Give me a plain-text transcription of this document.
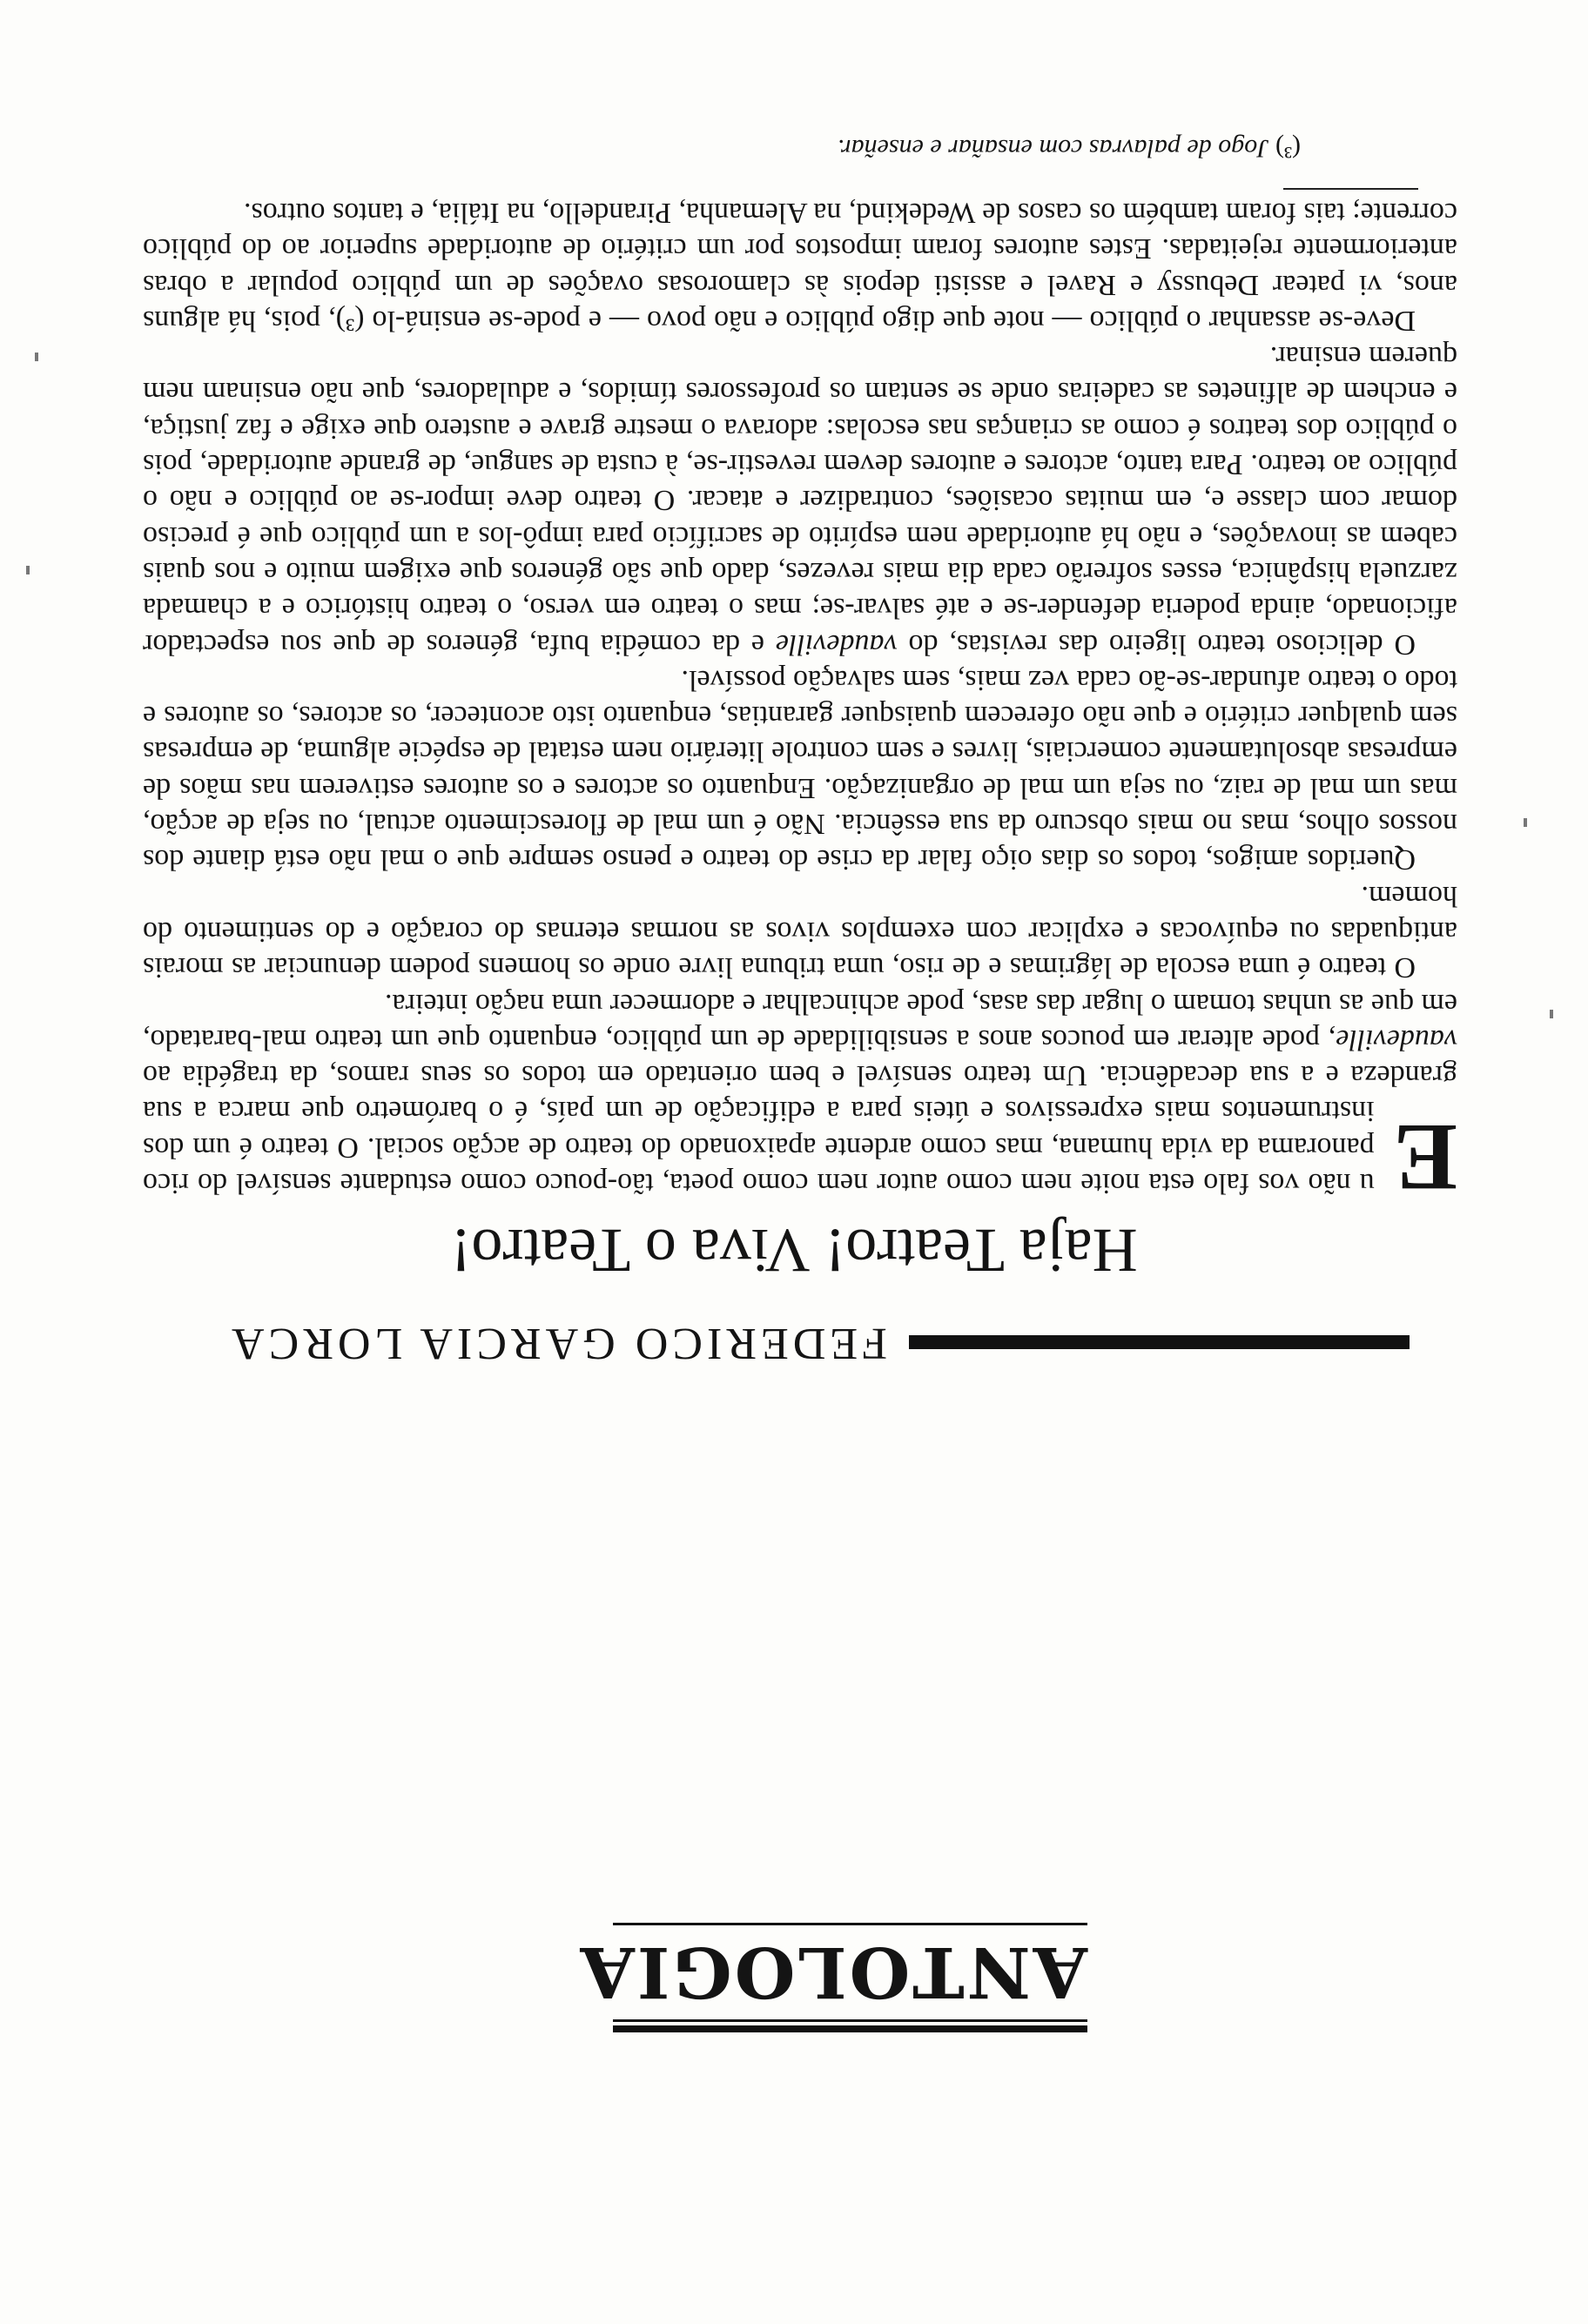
ANTOLOGIA
FEDERICO GARCIA LORCA
Haja Teatro! Viva o Teatro!

E
u não vos falo esta noite nem como autor nem como poeta, tão-pouco como estudante sensível do rico panorama da vida humana, mas como ardente apaixonado do teatro de acção social. O teatro é um dos instrumentos mais expressivos e úteis para a edificação de um país, é o barómetro que marca a sua grandeza e a sua decadência. Um teatro sensível e bem orientado em todos os seus ramos, da tragédia ao vaudeville, pode alterar em poucos anos a sensibilidade de um público, enquanto que um teatro mal-baratado, em que as unhas tomam o lugar das asas, pode achincalhar e adormecer uma nação inteira.

O teatro é uma escola de lágrimas e de riso, uma tribuna livre onde os homens podem denunciar as morais antiquadas ou equívocas e explicar com exemplos vivos as normas eternas do coração e do sentimento do homem.

Queridos amigos, todos os dias oiço falar da crise do teatro e penso sempre que o mal não está diante dos nossos olhos, mas no mais obscuro da sua essência. Não é um mal de florescimento actual, ou seja de acção, mas um mal de raiz, ou seja um mal de organização. Enquanto os actores e os autores estiverem nas mãos de empresas absolutamente comerciais, livres e sem controle literário nem estatal de espécie alguma, de empresas sem qualquer critério e que não oferecem quaisquer garantias, enquanto isto acontecer, os actores, os autores e todo o teatro afundar-se-ão cada vez mais, sem salvação possível.

O delicioso teatro ligeiro das revistas, do vaudeville e da comédia bufa, géneros de que sou espectador aficionado, ainda poderia defender-se e até salvar-se; mas o teatro em verso, o teatro histórico e a chamada zarzuela hispânica, esses sofrerão cada dia mais revezes, dado que são géneros que exigem muito e nos quais cabem as inovações, e não há autoridade nem espírito de sacrifício para impô-los a um público que é preciso domar com classe e, em muitas ocasiões, contradizer e atacar. O teatro deve impor-se ao público e não o público ao teatro. Para tanto, actores e autores devem revestir-se, à custa de sangue, de grande autoridade, pois o público dos teatros é como as crianças nas escolas: adorava o mestre grave e austero que exige e faz justiça, e enchem de alfinetes as cadeiras onde se sentam os professores tímidos, e aduladores, que não ensinam nem querem ensinar.

Deve-se assanhar o público — note que digo público e não povo — e pode-se ensiná-lo (³), pois, há alguns anos, vi patear Debussy e Ravel e assisti depois às clamorosas ovações de um público popular a obras anteriormente rejeitadas. Estes autores foram impostos por um critério de autoridade superior ao do público corrente; tais foram também os casos de Wedekind, na Alemanha, Pirandello, na Itália, e tantos outros.

(³) Jogo de palavras com ensañar e enseñar.
